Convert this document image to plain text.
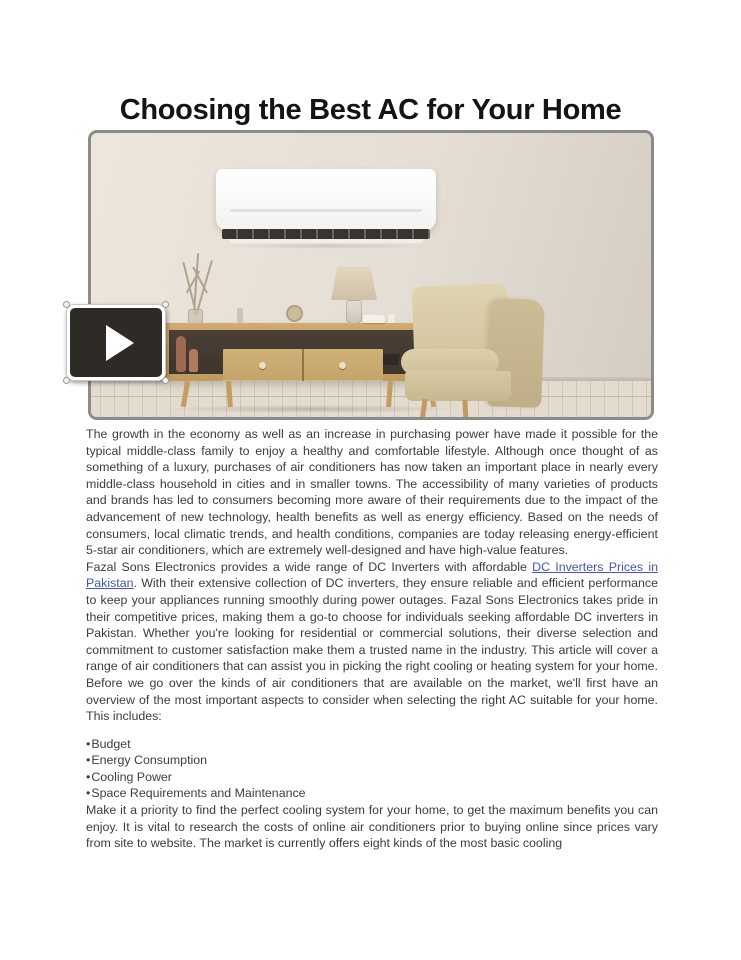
Choosing the Best AC for Your Home

The growth in the economy as well as an increase in purchasing power have made it possible for the typical middle-class family to enjoy a healthy and comfortable lifestyle. Although once thought of as something of a luxury, purchases of air conditioners has now taken an important place in nearly every middle-class household in cities and in smaller towns. The accessibility of many varieties of products and brands has led to consumers becoming more aware of their requirements due to the impact of the advancement of new technology, health benefits as well as energy efficiency. Based on the needs of consumers, local climatic trends, and health conditions, companies are today releasing energy-efficient 5-star air conditioners, which are extremely well-designed and have high-value features.

Fazal Sons Electronics provides a wide range of DC Inverters with affordable DC Inverters Prices in Pakistan. With their extensive collection of DC inverters, they ensure reliable and efficient performance to keep your appliances running smoothly during power outages. Fazal Sons Electronics takes pride in their competitive prices, making them a go-to choose for individuals seeking affordable DC inverters in Pakistan. Whether you're looking for residential or commercial solutions, their diverse selection and commitment to customer satisfaction make them a trusted name in the industry. This article will cover a range of air conditioners that can assist you in picking the right cooling or heating system for your home. Before we go over the kinds of air conditioners that are available on the market, we'll first have an overview of the most important aspects to consider when selecting the right AC suitable for your home. This includes:

• Budget
• Energy Consumption
• Cooling Power
• Space Requirements and Maintenance

Make it a priority to find the perfect cooling system for your home, to get the maximum benefits you can enjoy. It is vital to research the costs of online air conditioners prior to buying online since prices vary from site to website. The market is currently offers eight kinds of the most basic cooling
